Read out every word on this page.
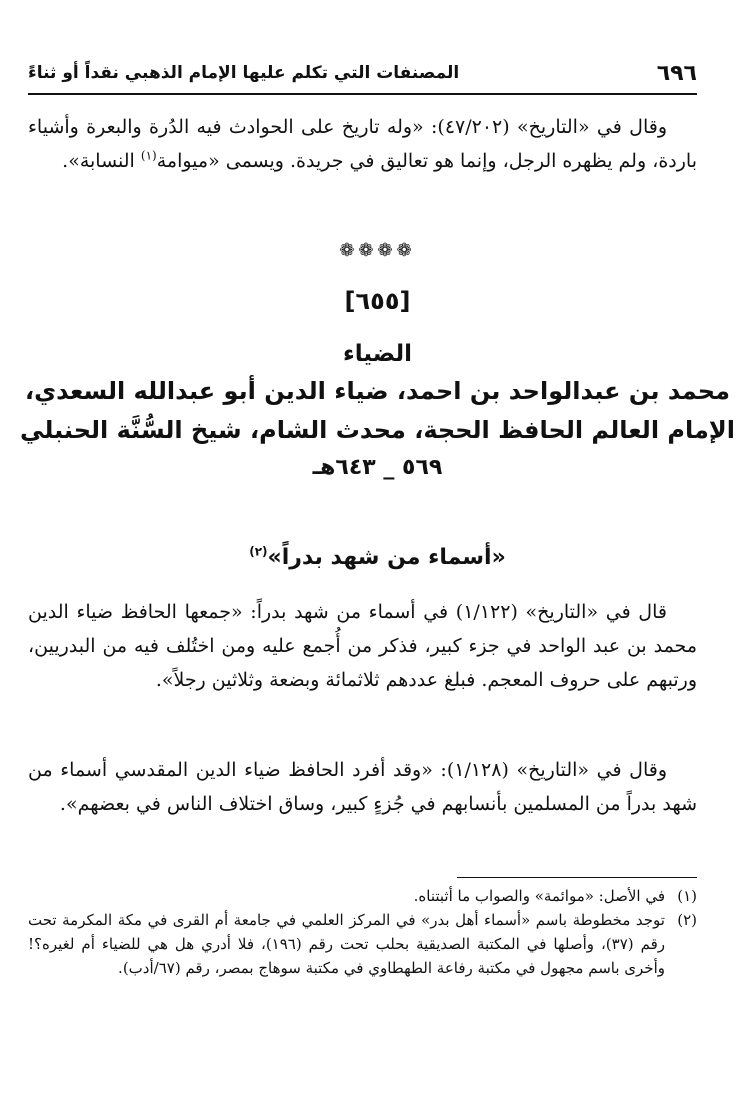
٦٩٦
المصنفات التي تكلم عليها الإمام الذهبي نقداً أو ثناءً
وقال في «التاريخ» (٤٧/٢٠٢): «وله تاريخ على الحوادث فيه الدُرة والبعرة وأشياء باردة، ولم يظهره الرجل، وإنما هو تعاليق في جريدة. ويسمى «ميوامة$^{(١)}$ النسابة».
❁❁❁❁
[٦٥٥]
الضياء
محمد بن عبدالواحد بن احمد، ضياء الدين أبو عبدالله السعدي،
الإمام العالم الحافظ الحجة، محدث الشام، شيخ السُّنَّة الحنبلي
٥٦٩ _ ٦٤٣هـ
«أسماء من شهد بدراً»$^{(٢)}$
قال في «التاريخ» (١/١٢٢) في أسماء من شهد بدراً: «جمعها الحافظ ضياء الدين محمد بن عبد الواحد في جزء كبير، فذكر من أُجمع عليه ومن اختُلف فيه من البدريين، ورتبهم على حروف المعجم. فبلغ عددهم ثلاثمائة وبضعة وثلاثين رجلاً».
وقال في «التاريخ» (١/١٢٨): «وقد أفرد الحافظ ضياء الدين المقدسي أسماء من شهد بدراً من المسلمين بأنسابهم في جُزءٍ كبير، وساق اختلاف الناس في بعضهم».
(١)
في الأصل: «موائمة» والصواب ما أثبتناه.
(٢)
توجد مخطوطة باسم «أسماء أهل بدر» في المركز العلمي في جامعة أم القرى في مكة المكرمة تحت رقم (٣٧)، وأصلها في المكتبة الصديقية بحلب تحت رقم (١٩٦)، فلا أدري هل هي للضياء أم لغيره؟! وأخرى باسم مجهول في مكتبة رفاعة الطهطاوي في مكتبة سوهاج بمصر، رقم (٦٧/أدب).
